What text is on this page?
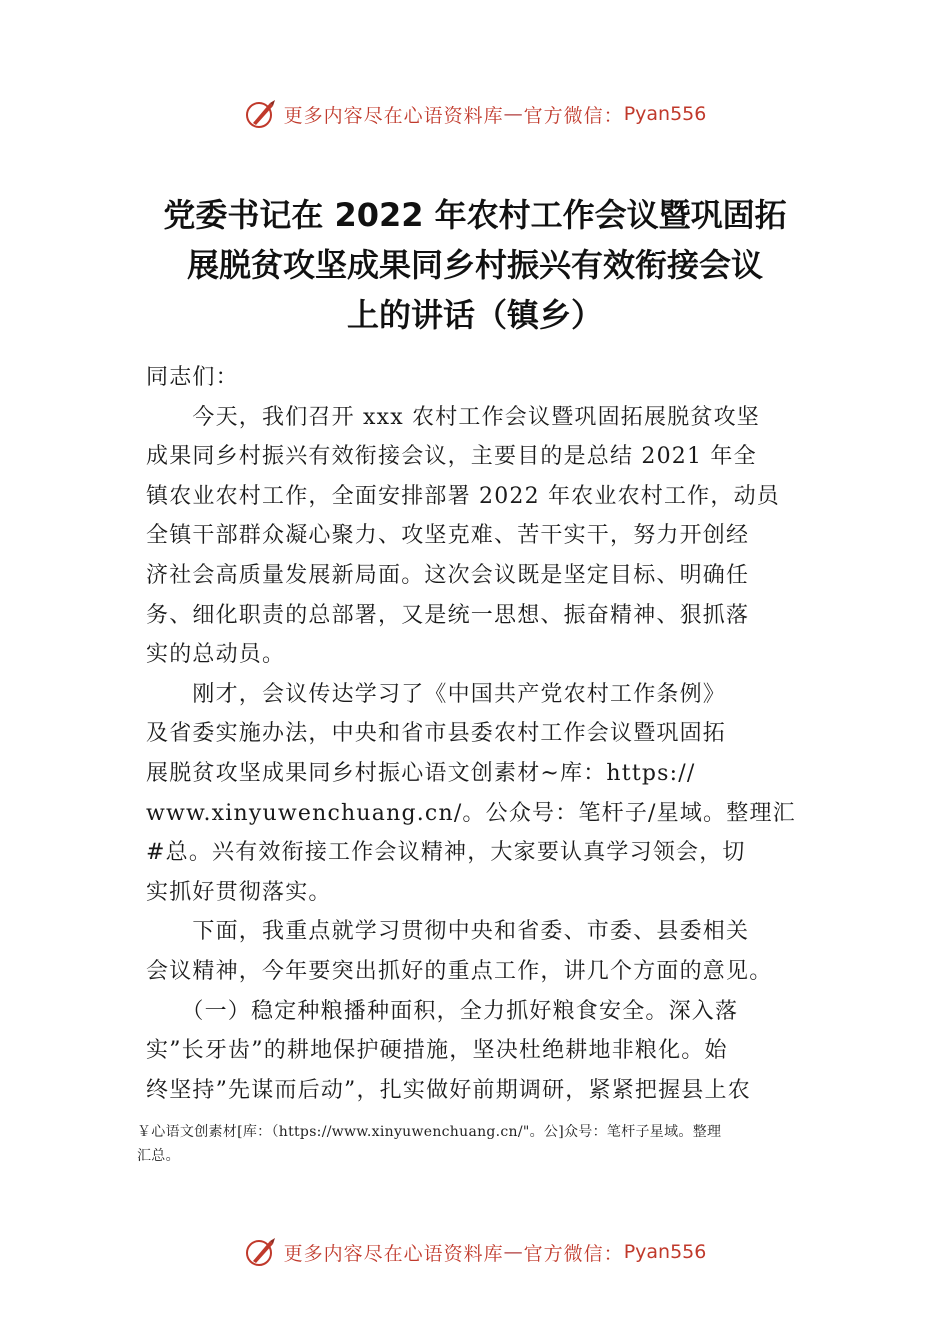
更多内容尽在心语资料库 — 官方微信： Pyan556
党委书记在 2022 年农村工作会议暨巩固拓
展脱贫攻坚成果同乡村振兴有效衔接会议
上的讲话（镇乡）
同志们：
　　今天，我们召开 xxx 农村工作会议暨巩固拓展脱贫攻坚
成果同乡村振兴有效衔接会议，主要目的是总结 2021 年全
镇农业农村工作，全面安排部署 2022 年农业农村工作，动员
全镇干部群众凝心聚力、攻坚克难、苦干实干，努力开创经
济社会高质量发展新局面。这次会议既是坚定目标、明确任
务、细化职责的总部署，又是统一思想、振奋精神、狠抓落
实的总动员。
　　刚才，会议传达学习了《中国共产党农村工作条例》
及省委实施办法，中央和省市县委农村工作会议暨巩固拓
展脱贫攻坚成果同乡村振心语文创素材~库：https://
www.xinyuwenchuang.cn/。公众号：笔杆子/星域。整理汇
#总。兴有效衔接工作会议精神，大家要认真学习领会，切
实抓好贯彻落实。
　　下面，我重点就学习贯彻中央和省委、市委、县委相关
会议精神，今年要突出抓好的重点工作，讲几个方面的意见。
　　（一）稳定种粮播种面积，全力抓好粮食安全。深入落
实”长牙齿”的耕地保护硬措施，坚决杜绝耕地非粮化。始
终坚持”先谋而后动”，扎实做好前期调研，紧紧把握县上农
￥心语文创素材[库：（https://www.xinyuwenchuang.cn/"。公]众号：笔杆子星域。整理
汇总。
更多内容尽在心语资料库 — 官方微信： Pyan556
